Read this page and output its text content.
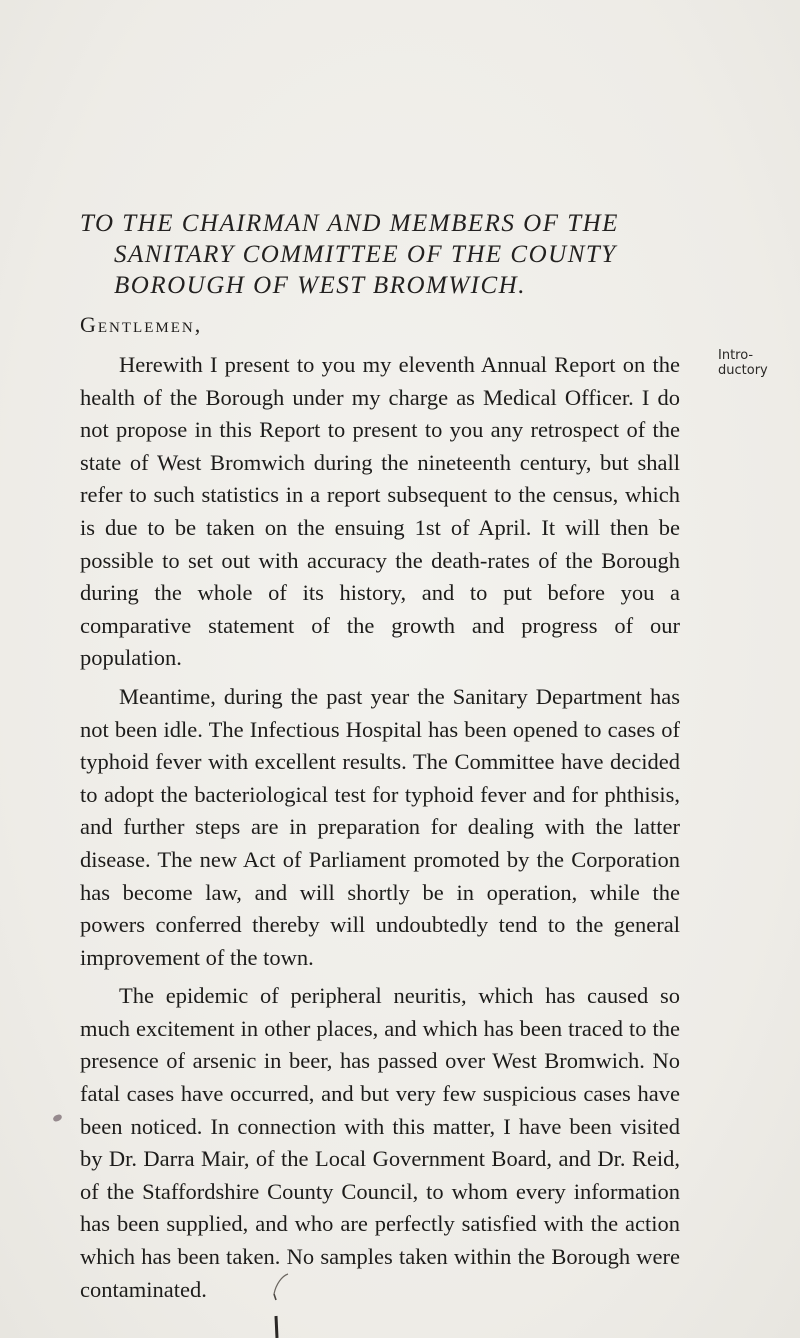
TO THE CHAIRMAN AND MEMBERS OF THE
SANITARY COMMITTEE OF THE COUNTY
BOROUGH OF WEST BROMWICH.
Gentlemen,
Intro-
ductory

Herewith I present to you my eleventh Annual Report on the health of the Borough under my charge as Medical Officer. I do not propose in this Report to present to you any retrospect of the state of West Bromwich during the nineteenth century, but shall refer to such statistics in a report subsequent to the census, which is due to be taken on the ensuing 1st of April. It will then be possible to set out with accuracy the death-rates of the Borough during the whole of its history, and to put before you a comparative statement of the growth and progress of our population.

Meantime, during the past year the Sanitary Department has not been idle. The Infectious Hospital has been opened to cases of typhoid fever with excellent results. The Committee have decided to adopt the bacteriological test for typhoid fever and for phthisis, and further steps are in preparation for dealing with the latter disease. The new Act of Parliament promoted by the Corporation has become law, and will shortly be in operation, while the powers conferred thereby will undoubtedly tend to the general improvement of the town.

The epidemic of peripheral neuritis, which has caused so much excitement in other places, and which has been traced to the presence of arsenic in beer, has passed over West Bromwich. No fatal cases have occurred, and but very few suspicious cases have been noticed. In connection with this matter, I have been visited by Dr. Darra Mair, of the Local Government Board, and Dr. Reid, of the Staffordshire County Council, to whom every information has been supplied, and who are perfectly satisfied with the action which has been taken. No samples taken within the Borough were contaminated.
